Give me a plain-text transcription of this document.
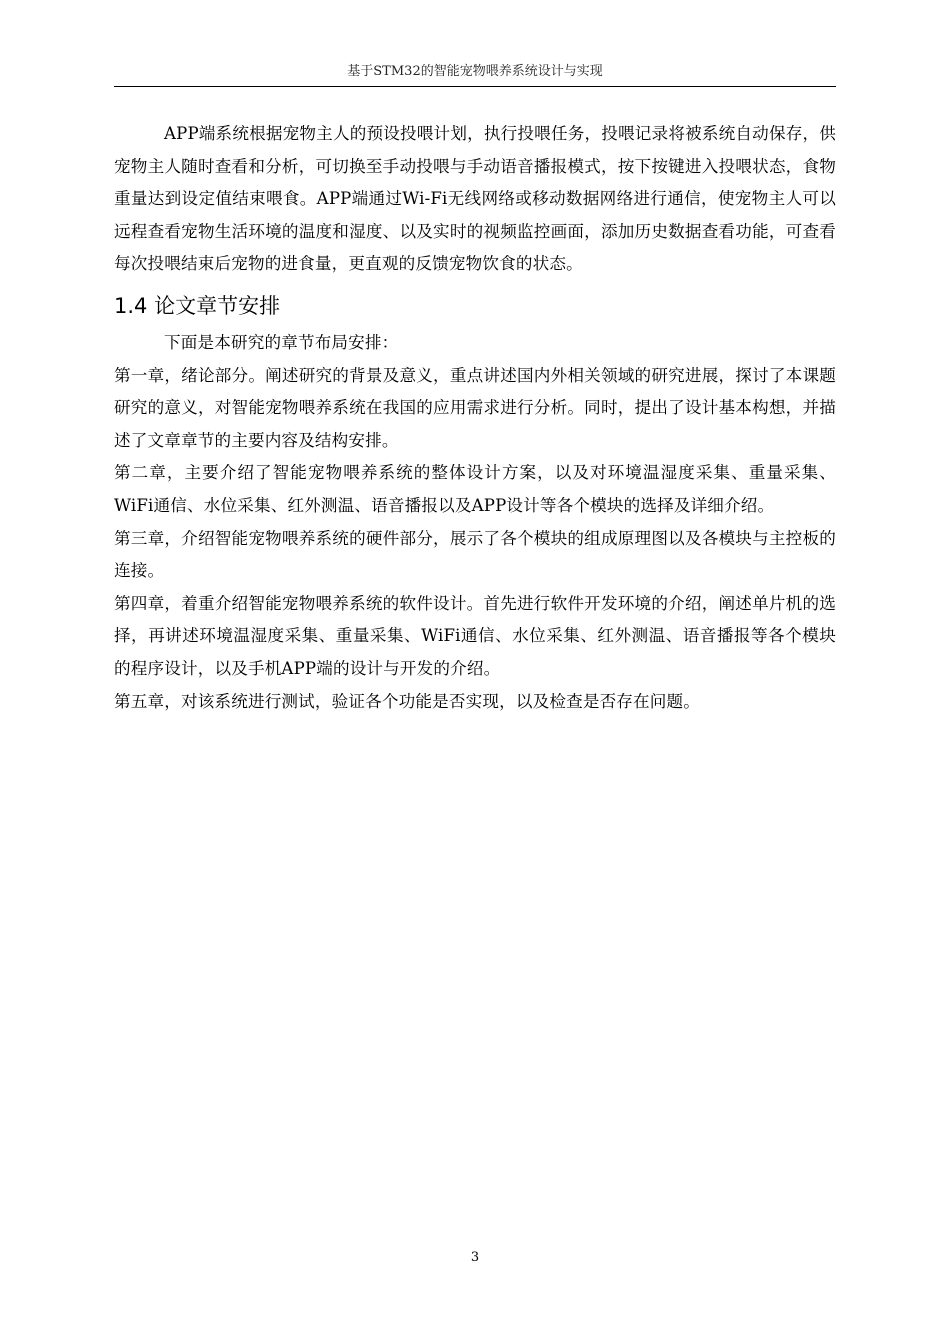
基于STM32的智能宠物喂养系统设计与实现

APP端系统根据宠物主人的预设投喂计划，执行投喂任务，投喂记录将被系统自动保存，供宠物主人随时查看和分析，可切换至手动投喂与手动语音播报模式，按下按键进入投喂状态，食物重量达到设定值结束喂食。APP端通过Wi-Fi无线网络或移动数据网络进行通信，使宠物主人可以远程查看宠物生活环境的温度和湿度、以及实时的视频监控画面，添加历史数据查看功能，可查看每次投喂结束后宠物的进食量，更直观的反馈宠物饮食的状态。

1.4 论文章节安排

下面是本研究的章节布局安排：

第一章，绪论部分。阐述研究的背景及意义，重点讲述国内外相关领域的研究进展，探讨了本课题研究的意义，对智能宠物喂养系统在我国的应用需求进行分析。同时，提出了设计基本构想，并描述了文章章节的主要内容及结构安排。

第二章，主要介绍了智能宠物喂养系统的整体设计方案，以及对环境温湿度采集、重量采集、WiFi通信、水位采集、红外测温、语音播报以及APP设计等各个模块的选择及详细介绍。

第三章，介绍智能宠物喂养系统的硬件部分，展示了各个模块的组成原理图以及各模块与主控板的连接。

第四章，着重介绍智能宠物喂养系统的软件设计。首先进行软件开发环境的介绍，阐述单片机的选择，再讲述环境温湿度采集、重量采集、WiFi通信、水位采集、红外测温、语音播报等各个模块的程序设计，以及手机APP端的设计与开发的介绍。

第五章，对该系统进行测试，验证各个功能是否实现，以及检查是否存在问题。

3
